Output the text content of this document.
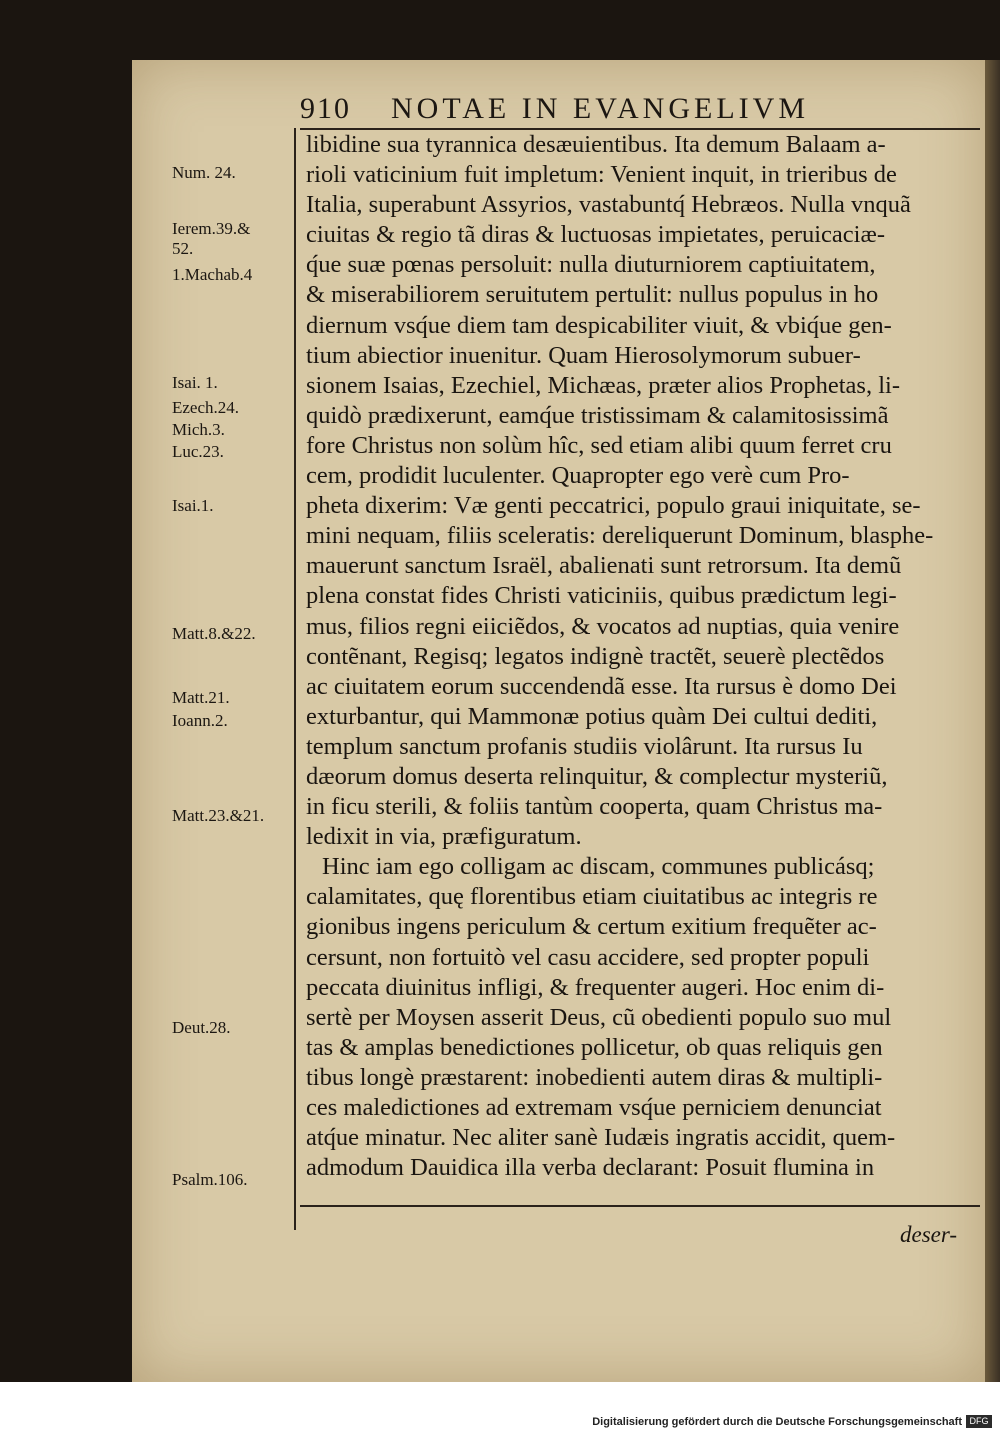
910 NOTAE IN EVANGELIVM
Num. 24.
Ierem.39.&
52.
1.Machab.4
Isai. 1.
Ezech.24.
Mich.3.
Luc.23.
Isai.1.
Matt.8.&22.
Matt.21.
Ioann.2.
Matt.23.&21.
Deut.28.
Psalm.106.
libidine sua tyrannica desæuientibus. Ita demum Balaam a-
rioli vaticinium fuit impletum: Venient inquit, in trieribus de
Italia, superabunt Assyrios, vastabuntq́ Hebræos. Nulla vnquã
ciuitas & regio tã diras & luctuosas impietates, peruicaciæ-
q́ue suæ pœnas persoluit: nulla diuturniorem captiuitatem,
& miserabiliorem seruitutem pertulit: nullus populus in ho
diernum vsq́ue diem tam despicabiliter viuit, & vbiq́ue gen-
tium abiectior inuenitur. Quam Hierosolymorum subuer-
sionem Isaias, Ezechiel, Michæas, præter alios Prophetas, li-
quidò prædixerunt, eamq́ue tristissimam & calamitosissimã
fore Christus non solùm hîc, sed etiam alibi quum ferret cru
cem, prodidit luculenter. Quapropter ego verè cum Pro-
pheta dixerim: Væ genti peccatrici, populo graui iniquitate, se-
mini nequam, filiis sceleratis: dereliquerunt Dominum, blasphe-
mauerunt sanctum Israël, abalienati sunt retrorsum. Ita demũ
plena constat fides Christi vaticiniis, quibus prædictum legi-
mus, filios regni eiiciẽdos, & vocatos ad nuptias, quia venire
contẽnant, Regisq; legatos indignè tractẽt, seuerè plectẽdos
ac ciuitatem eorum succendendã esse. Ita rursus è domo Dei
exturbantur, qui Mammonæ potius quàm Dei cultui dediti,
templum sanctum profanis studiis violârunt. Ita rursus Iu
dæorum domus deserta relinquitur, & complectur mysteriũ,
in ficu sterili, & foliis tantùm cooperta, quam Christus ma-
ledixit in via, præfiguratum.
Hinc iam ego colligam ac discam, communes publicásq;
calamitates, quę florentibus etiam ciuitatibus ac integris re
gionibus ingens periculum & certum exitium frequẽter ac-
cersunt, non fortuitò vel casu accidere, sed propter populi
peccata diuinitus infligi, & frequenter augeri. Hoc enim di-
sertè per Moysen asserit Deus, cũ obedienti populo suo mul
tas & amplas benedictiones pollicetur, ob quas reliquis gen
tibus longè præstarent: inobedienti autem diras & multipli-
ces maledictiones ad extremam vsq́ue perniciem denunciat
atq́ue minatur. Nec aliter sanè Iudæis ingratis accidit, quem-
admodum Dauidica illa verba declarant: Posuit flumina in
deser-
Digitalisierung gefördert durch die Deutsche Forschungsgemeinschaft DFG
